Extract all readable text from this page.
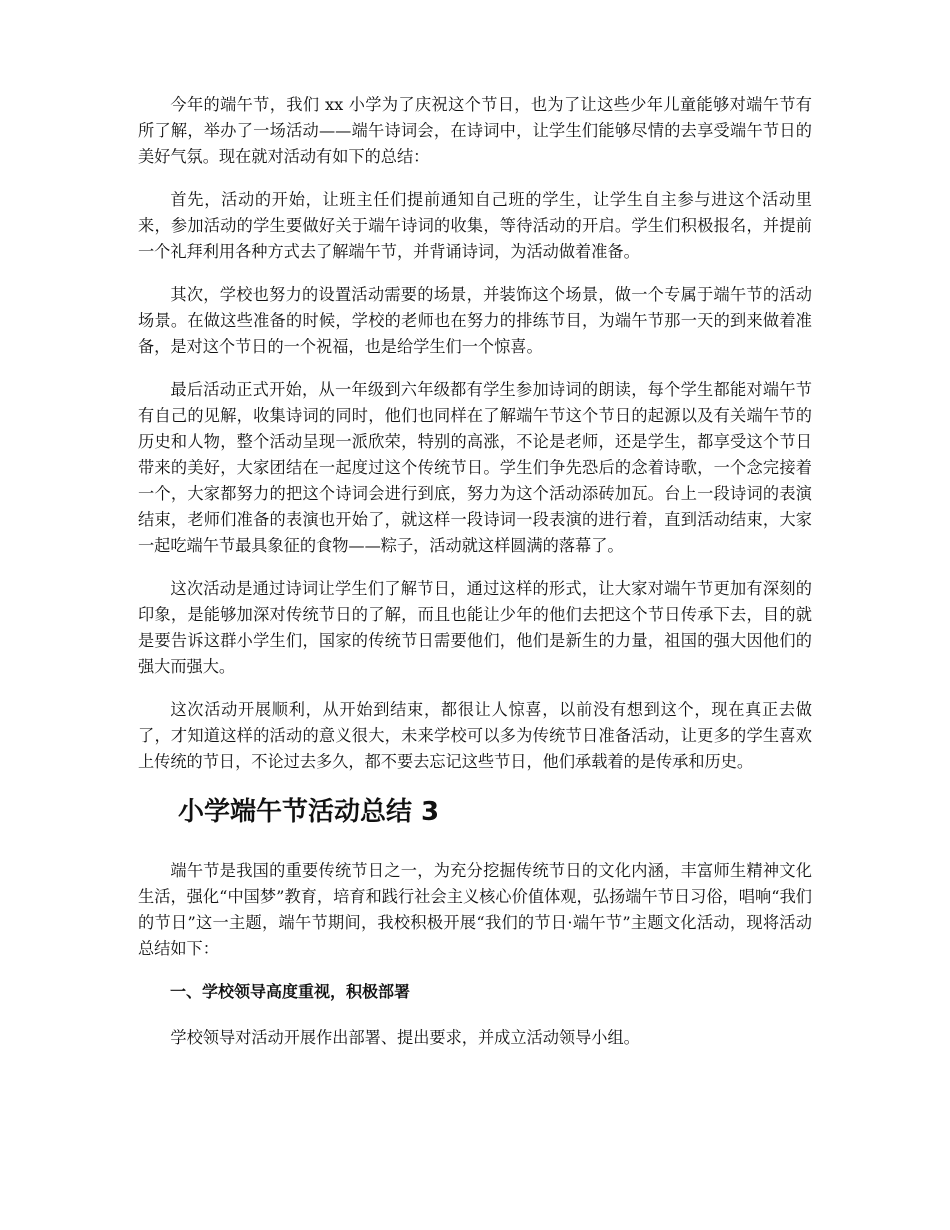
今年的端午节，我们 xx 小学为了庆祝这个节日，也为了让这些少年儿童能够对端午节有所了解，举办了一场活动——端午诗词会，在诗词中，让学生们能够尽情的去享受端午节日的美好气氛。现在就对活动有如下的总结：

首先，活动的开始，让班主任们提前通知自己班的学生，让学生自主参与进这个活动里来，参加活动的学生要做好关于端午诗词的收集，等待活动的开启。学生们积极报名，并提前一个礼拜利用各种方式去了解端午节，并背诵诗词，为活动做着准备。

其次，学校也努力的设置活动需要的场景，并装饰这个场景，做一个专属于端午节的活动场景。在做这些准备的时候，学校的老师也在努力的排练节目，为端午节那一天的到来做着准备，是对这个节日的一个祝福，也是给学生们一个惊喜。

最后活动正式开始，从一年级到六年级都有学生参加诗词的朗读，每个学生都能对端午节有自己的见解，收集诗词的同时，他们也同样在了解端午节这个节日的起源以及有关端午节的历史和人物，整个活动呈现一派欣荣，特别的高涨，不论是老师，还是学生，都享受这个节日带来的美好，大家团结在一起度过这个传统节日。学生们争先恐后的念着诗歌，一个念完接着一个，大家都努力的把这个诗词会进行到底，努力为这个活动添砖加瓦。台上一段诗词的表演结束，老师们准备的表演也开始了，就这样一段诗词一段表演的进行着，直到活动结束，大家一起吃端午节最具象征的食物——粽子，活动就这样圆满的落幕了。

这次活动是通过诗词让学生们了解节日，通过这样的形式，让大家对端午节更加有深刻的印象，是能够加深对传统节日的了解，而且也能让少年的他们去把这个节日传承下去，目的就是要告诉这群小学生们，国家的传统节日需要他们，他们是新生的力量，祖国的强大因他们的强大而强大。

这次活动开展顺利，从开始到结束，都很让人惊喜，以前没有想到这个，现在真正去做了，才知道这样的活动的意义很大，未来学校可以多为传统节日准备活动，让更多的学生喜欢上传统的节日，不论过去多久，都不要去忘记这些节日，他们承载着的是传承和历史。

小学端午节活动总结 3

端午节是我国的重要传统节日之一，为充分挖掘传统节日的文化内涵，丰富师生精神文化生活，强化“中国梦”教育，培育和践行社会主义核心价值体观，弘扬端午节日习俗，唱响“我们的节日”这一主题，端午节期间，我校积极开展“我们的节日·端午节”主题文化活动，现将活动总结如下：

一、学校领导高度重视，积极部署

学校领导对活动开展作出部署、提出要求，并成立活动领导小组。
